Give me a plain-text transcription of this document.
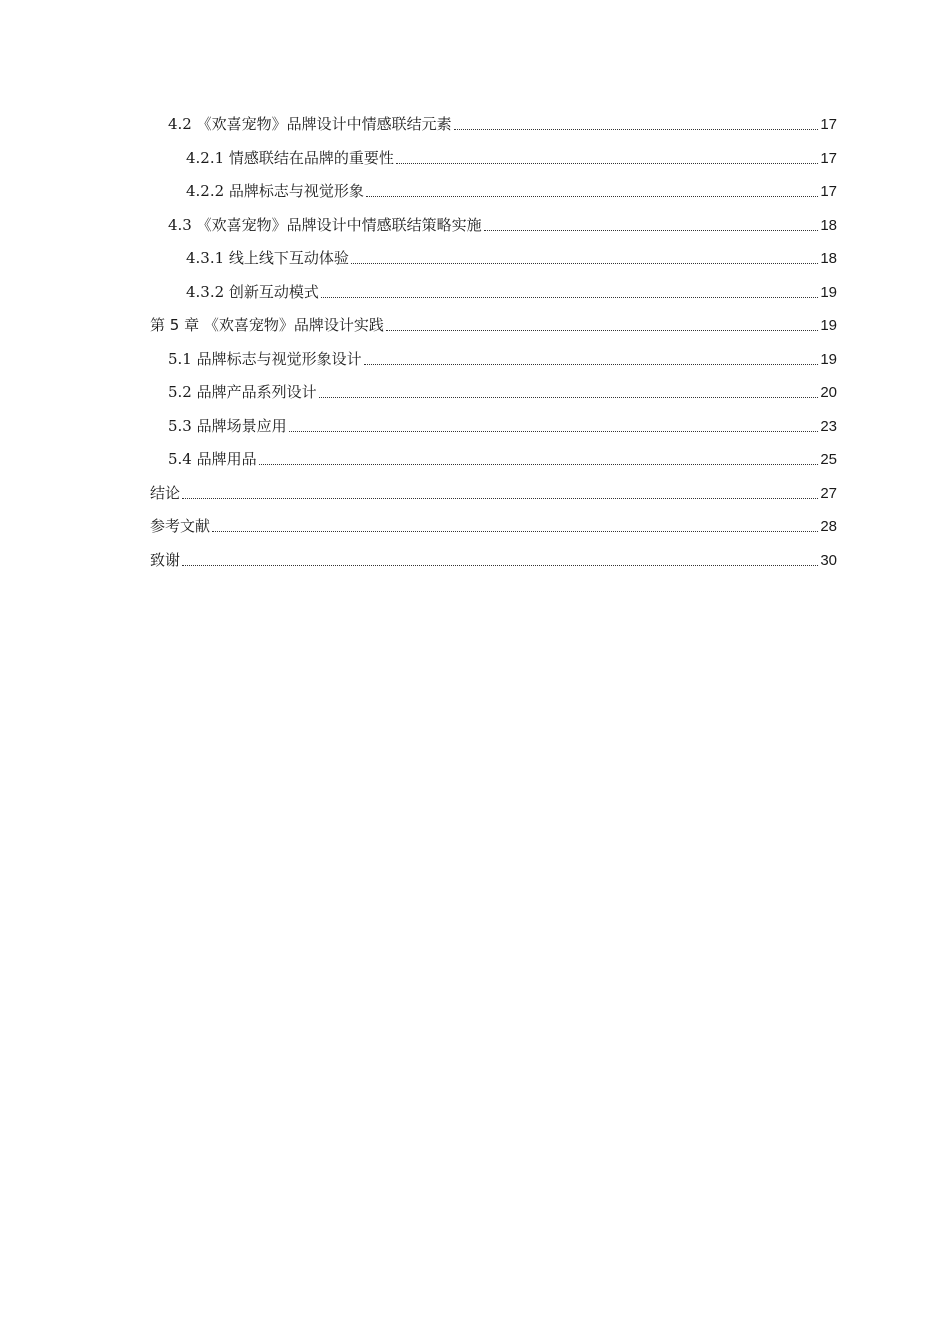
4.2 《欢喜宠物》品牌设计中情感联结元素	17
4.2.1 情感联结在品牌的重要性	17
4.2.2 品牌标志与视觉形象	17
4.3 《欢喜宠物》品牌设计中情感联结策略实施	18
4.3.1 线上线下互动体验	18
4.3.2 创新互动模式	19
第 5 章 《欢喜宠物》品牌设计实践	19
5.1 品牌标志与视觉形象设计	19
5.2 品牌产品系列设计	20
5.3 品牌场景应用	23
5.4 品牌用品	25
结论	27
参考文献	28
致谢	30
